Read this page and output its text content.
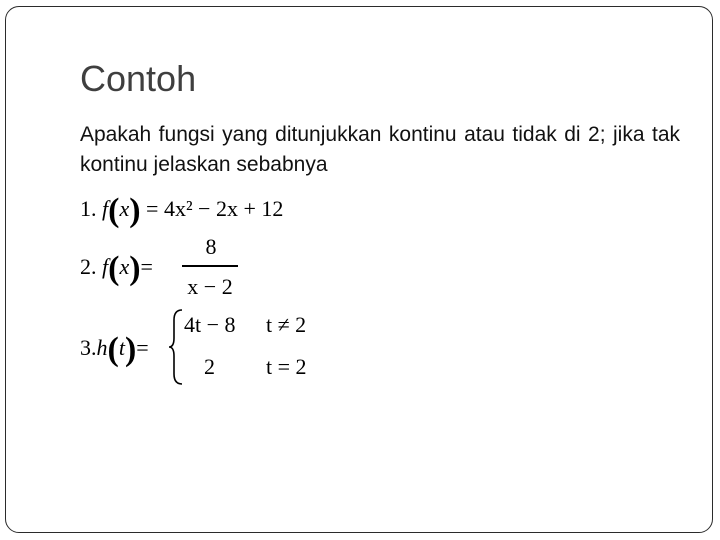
Contoh
Apakah fungsi yang ditunjukkan kontinu atau tidak di 2; jika tak kontinu jelaskan sebabnya
1. f(x) = 4x² − 2x + 12
2. f(x)=
8
x − 2
3.h(t)=
4t − 8 t ≠ 2
2 t = 2
